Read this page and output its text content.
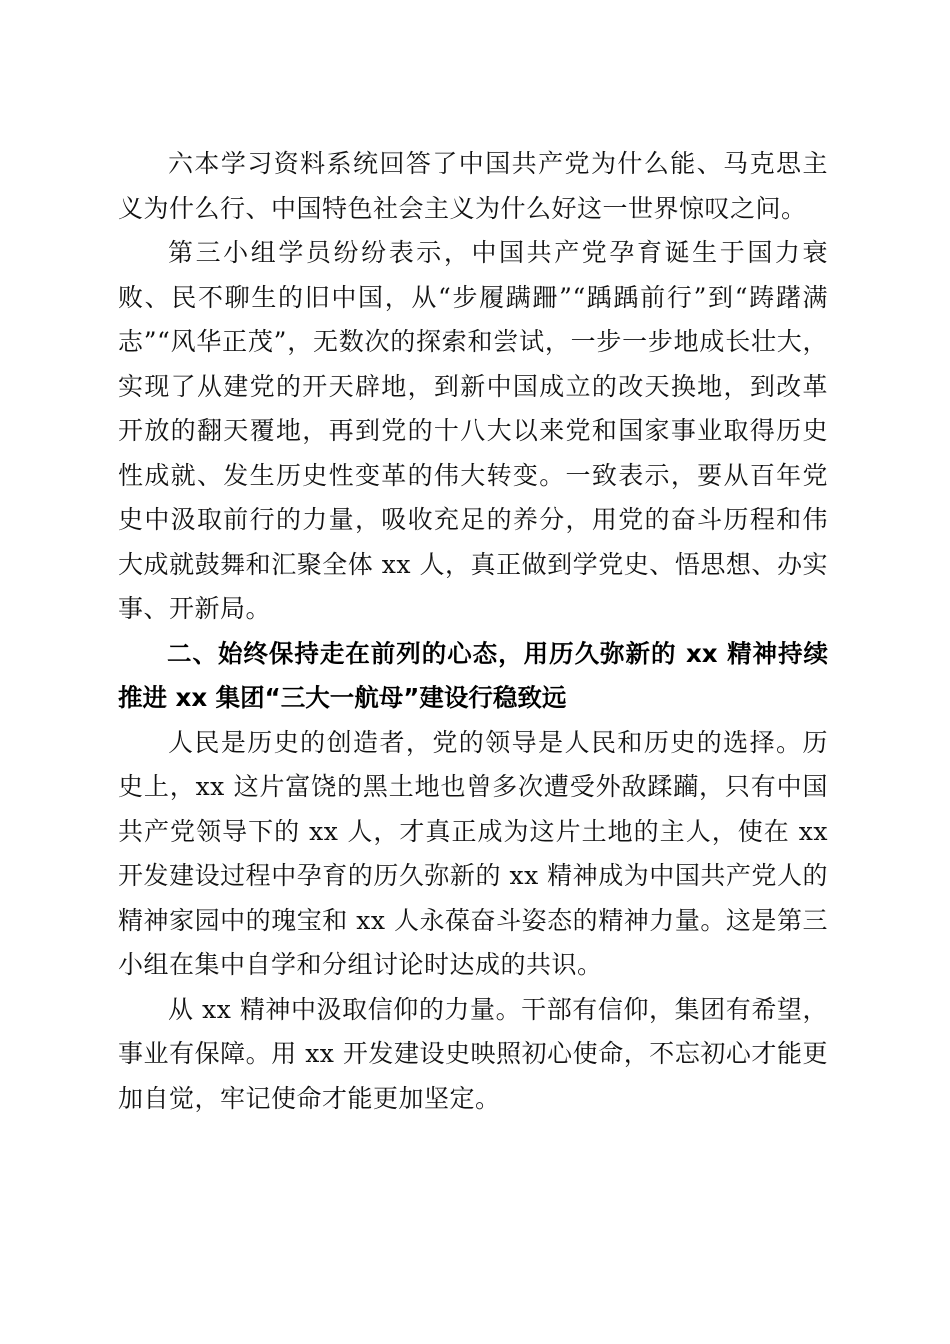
六本学习资料系统回答了中国共产党为什么能、马克思主义为什么行、中国特色社会主义为什么好这一世界惊叹之问。

第三小组学员纷纷表示，中国共产党孕育诞生于国力衰败、民不聊生的旧中国，从“步履蹒跚”“踽踽前行”到“踌躇满志”“风华正茂”，无数次的探索和尝试，一步一步地成长壮大，实现了从建党的开天辟地，到新中国成立的改天换地，到改革开放的翻天覆地，再到党的十八大以来党和国家事业取得历史性成就、发生历史性变革的伟大转变。一致表示，要从百年党史中汲取前行的力量，吸收充足的养分，用党的奋斗历程和伟大成就鼓舞和汇聚全体 xx 人，真正做到学党史、悟思想、办实事、开新局。

二、始终保持走在前列的心态，用历久弥新的 xx 精神持续推进 xx 集团“三大一航母”建设行稳致远

人民是历史的创造者，党的领导是人民和历史的选择。历史上，xx 这片富饶的黑土地也曾多次遭受外敌蹂躏，只有中国共产党领导下的 xx 人，才真正成为这片土地的主人，使在 xx 开发建设过程中孕育的历久弥新的 xx 精神成为中国共产党人的精神家园中的瑰宝和 xx 人永葆奋斗姿态的精神力量。这是第三小组在集中自学和分组讨论时达成的共识。

从 xx 精神中汲取信仰的力量。干部有信仰，集团有希望，事业有保障。用 xx 开发建设史映照初心使命，不忘初心才能更加自觉，牢记使命才能更加坚定。
